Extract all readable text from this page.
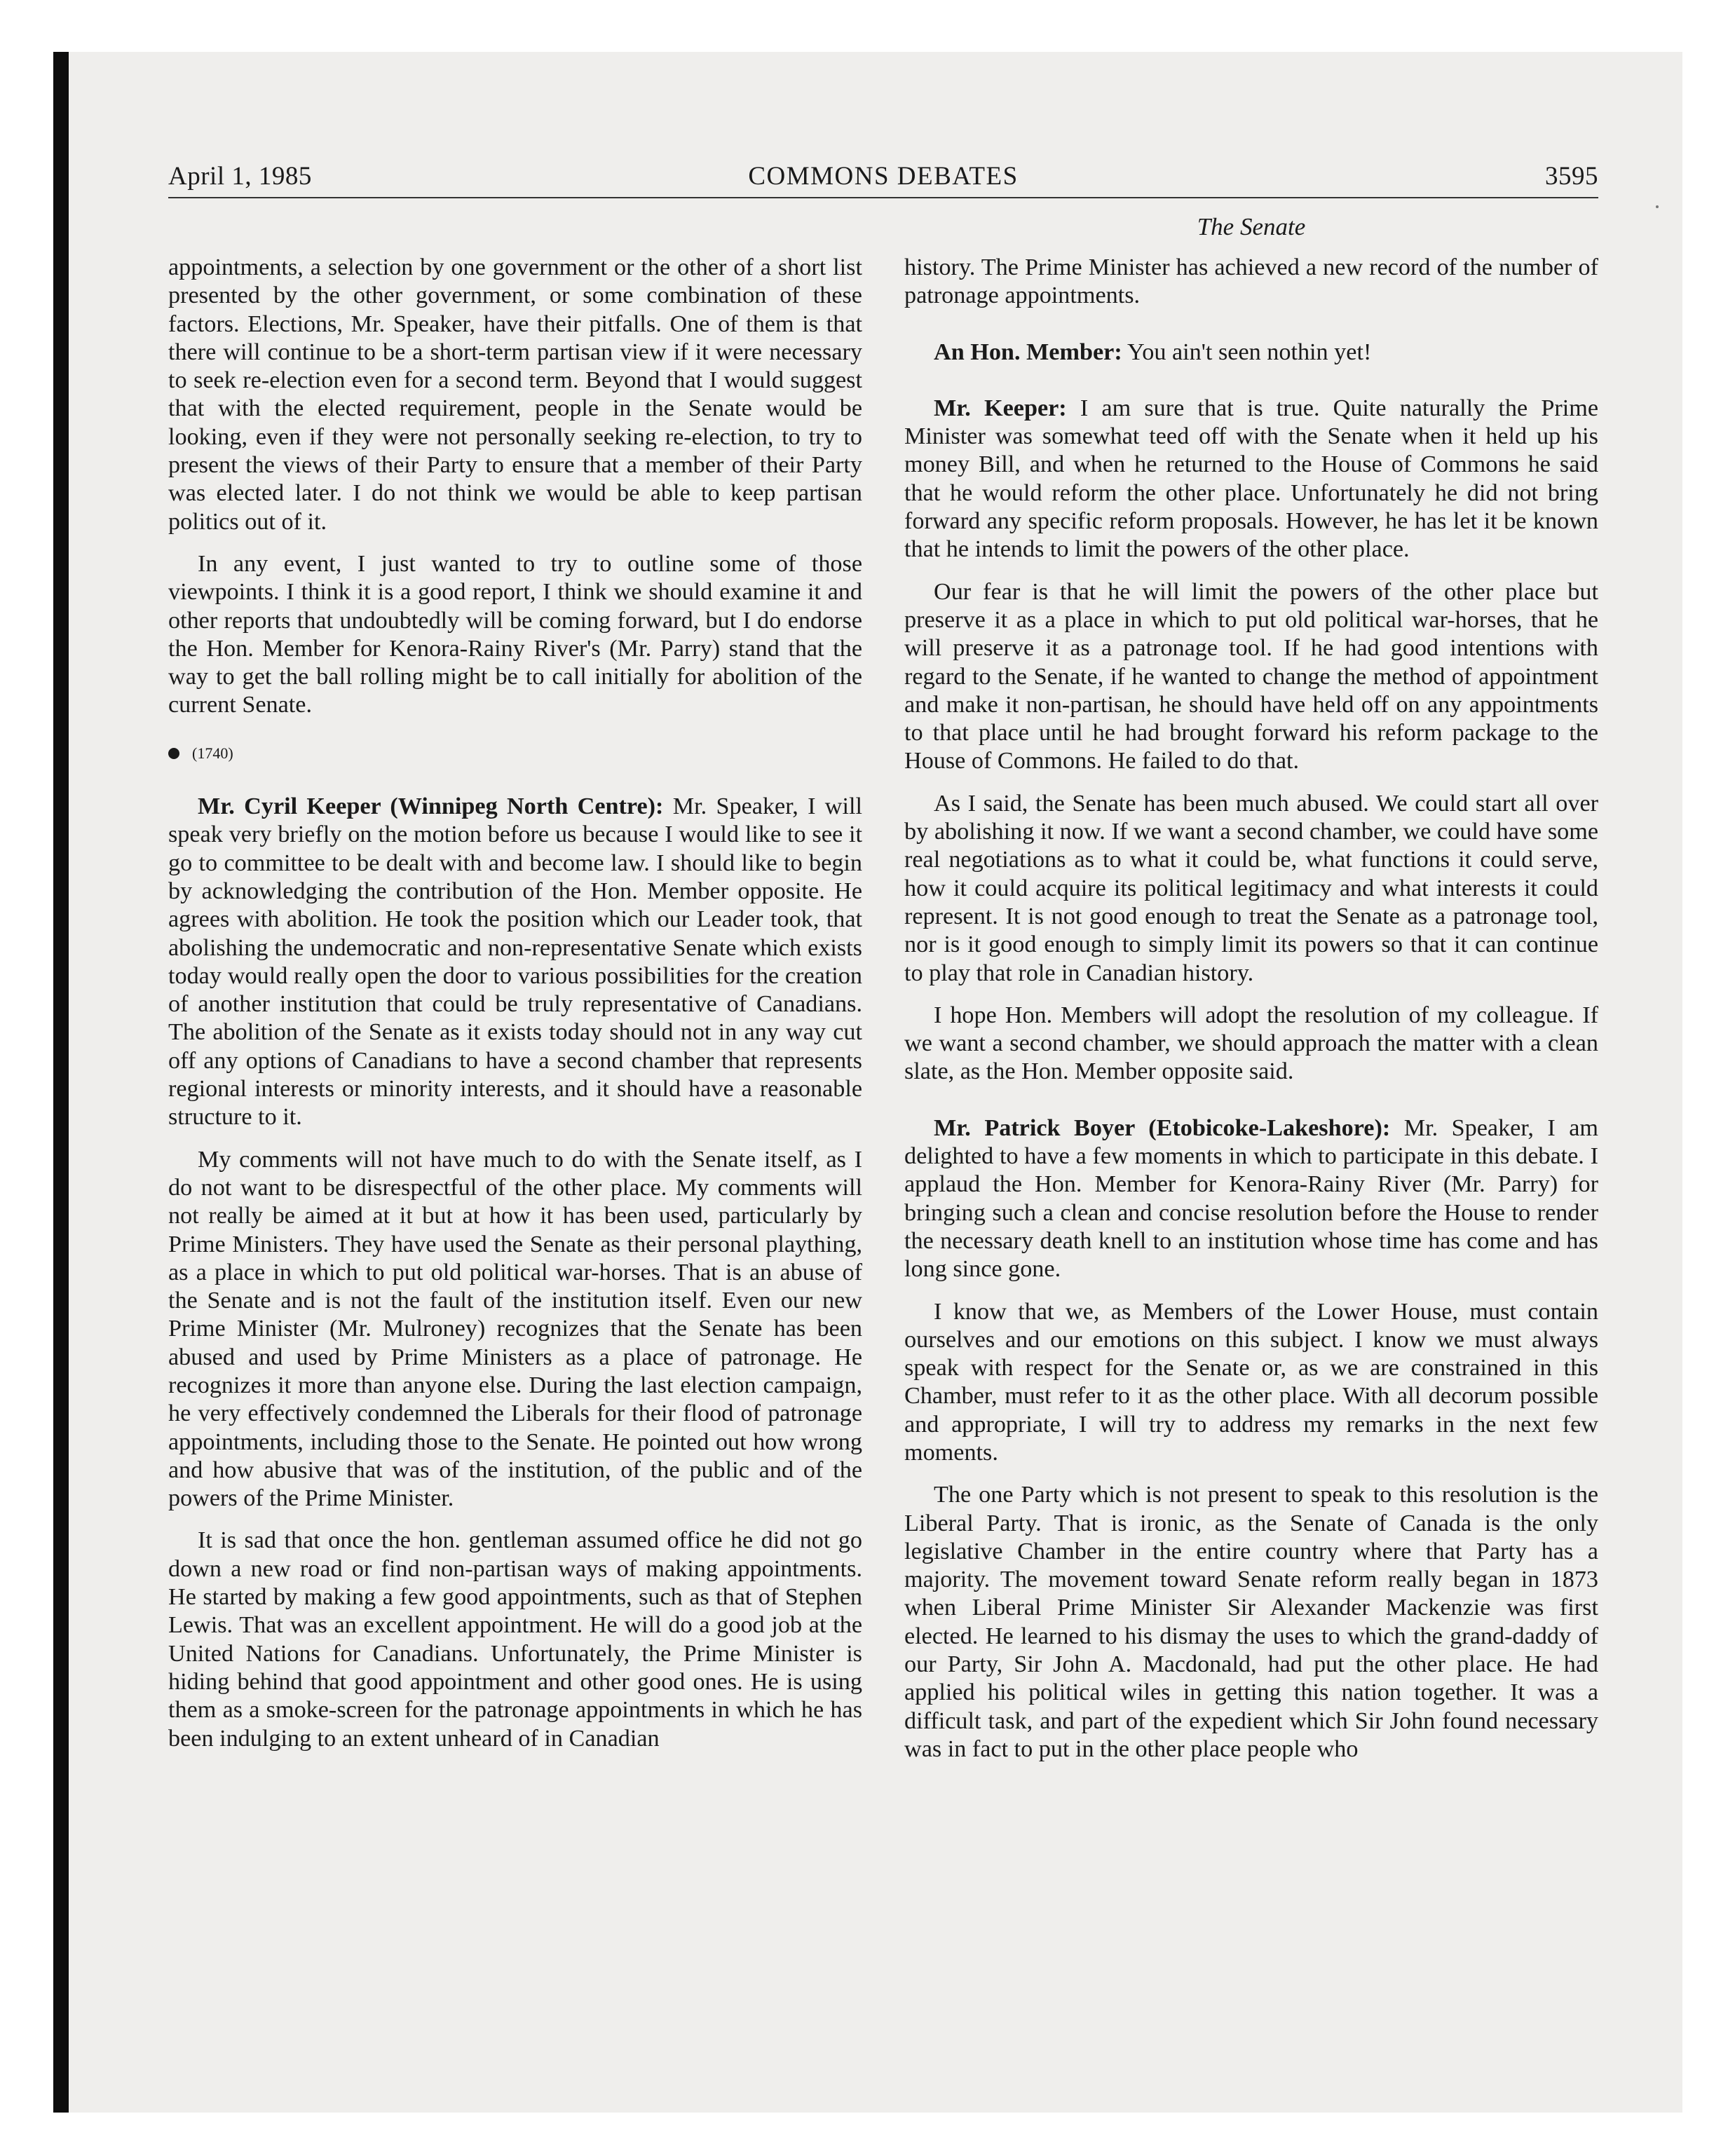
April 1, 1985	COMMONS DEBATES	3595
The Senate

appointments, a selection by one government or the other of a short list presented by the other government, or some combination of these factors. Elections, Mr. Speaker, have their pitfalls. One of them is that there will continue to be a short-term partisan view if it were necessary to seek re-election even for a second term. Beyond that I would suggest that with the elected requirement, people in the Senate would be looking, even if they were not personally seeking re-election, to try to present the views of their Party to ensure that a member of their Party was elected later. I do not think we would be able to keep partisan politics out of it.

In any event, I just wanted to try to outline some of those viewpoints. I think it is a good report, I think we should examine it and other reports that undoubtedly will be coming forward, but I do endorse the Hon. Member for Kenora-Rainy River's (Mr. Parry) stand that the way to get the ball rolling might be to call initially for abolition of the current Senate.

(1740)

Mr. Cyril Keeper (Winnipeg North Centre): Mr. Speaker, I will speak very briefly on the motion before us because I would like to see it go to committee to be dealt with and become law. I should like to begin by acknowledging the contribution of the Hon. Member opposite. He agrees with abolition. He took the position which our Leader took, that abolishing the undemocratic and non-representative Senate which exists today would really open the door to various possibilities for the creation of another institution that could be truly representative of Canadians. The abolition of the Senate as it exists today should not in any way cut off any options of Canadians to have a second chamber that represents regional interests or minority interests, and it should have a reasonable structure to it.

My comments will not have much to do with the Senate itself, as I do not want to be disrespectful of the other place. My comments will not really be aimed at it but at how it has been used, particularly by Prime Ministers. They have used the Senate as their personal plaything, as a place in which to put old political war-horses. That is an abuse of the Senate and is not the fault of the institution itself. Even our new Prime Minister (Mr. Mulroney) recognizes that the Senate has been abused and used by Prime Ministers as a place of patronage. He recognizes it more than anyone else. During the last election campaign, he very effectively condemned the Liberals for their flood of patronage appointments, including those to the Senate. He pointed out how wrong and how abusive that was of the institution, of the public and of the powers of the Prime Minister.

It is sad that once the hon. gentleman assumed office he did not go down a new road or find non-partisan ways of making appointments. He started by making a few good appointments, such as that of Stephen Lewis. That was an excellent appointment. He will do a good job at the United Nations for Canadians. Unfortunately, the Prime Minister is hiding behind that good appointment and other good ones. He is using them as a smoke-screen for the patronage appointments in which he has been indulging to an extent unheard of in Canadian

history. The Prime Minister has achieved a new record of the number of patronage appointments.

An Hon. Member: You ain't seen nothin yet!

Mr. Keeper: I am sure that is true. Quite naturally the Prime Minister was somewhat teed off with the Senate when it held up his money Bill, and when he returned to the House of Commons he said that he would reform the other place. Unfortunately he did not bring forward any specific reform proposals. However, he has let it be known that he intends to limit the powers of the other place.

Our fear is that he will limit the powers of the other place but preserve it as a place in which to put old political war-horses, that he will preserve it as a patronage tool. If he had good intentions with regard to the Senate, if he wanted to change the method of appointment and make it non-partisan, he should have held off on any appointments to that place until he had brought forward his reform package to the House of Commons. He failed to do that.

As I said, the Senate has been much abused. We could start all over by abolishing it now. If we want a second chamber, we could have some real negotiations as to what it could be, what functions it could serve, how it could acquire its political legitimacy and what interests it could represent. It is not good enough to treat the Senate as a patronage tool, nor is it good enough to simply limit its powers so that it can continue to play that role in Canadian history.

I hope Hon. Members will adopt the resolution of my colleague. If we want a second chamber, we should approach the matter with a clean slate, as the Hon. Member opposite said.

Mr. Patrick Boyer (Etobicoke-Lakeshore): Mr. Speaker, I am delighted to have a few moments in which to participate in this debate. I applaud the Hon. Member for Kenora-Rainy River (Mr. Parry) for bringing such a clean and concise resolution before the House to render the necessary death knell to an institution whose time has come and has long since gone.

I know that we, as Members of the Lower House, must contain ourselves and our emotions on this subject. I know we must always speak with respect for the Senate or, as we are constrained in this Chamber, must refer to it as the other place. With all decorum possible and appropriate, I will try to address my remarks in the next few moments.

The one Party which is not present to speak to this resolution is the Liberal Party. That is ironic, as the Senate of Canada is the only legislative Chamber in the entire country where that Party has a majority. The movement toward Senate reform really began in 1873 when Liberal Prime Minister Sir Alexander Mackenzie was first elected. He learned to his dismay the uses to which the grand-daddy of our Party, Sir John A. Macdonald, had put the other place. He had applied his political wiles in getting this nation together. It was a difficult task, and part of the expedient which Sir John found necessary was in fact to put in the other place people who
